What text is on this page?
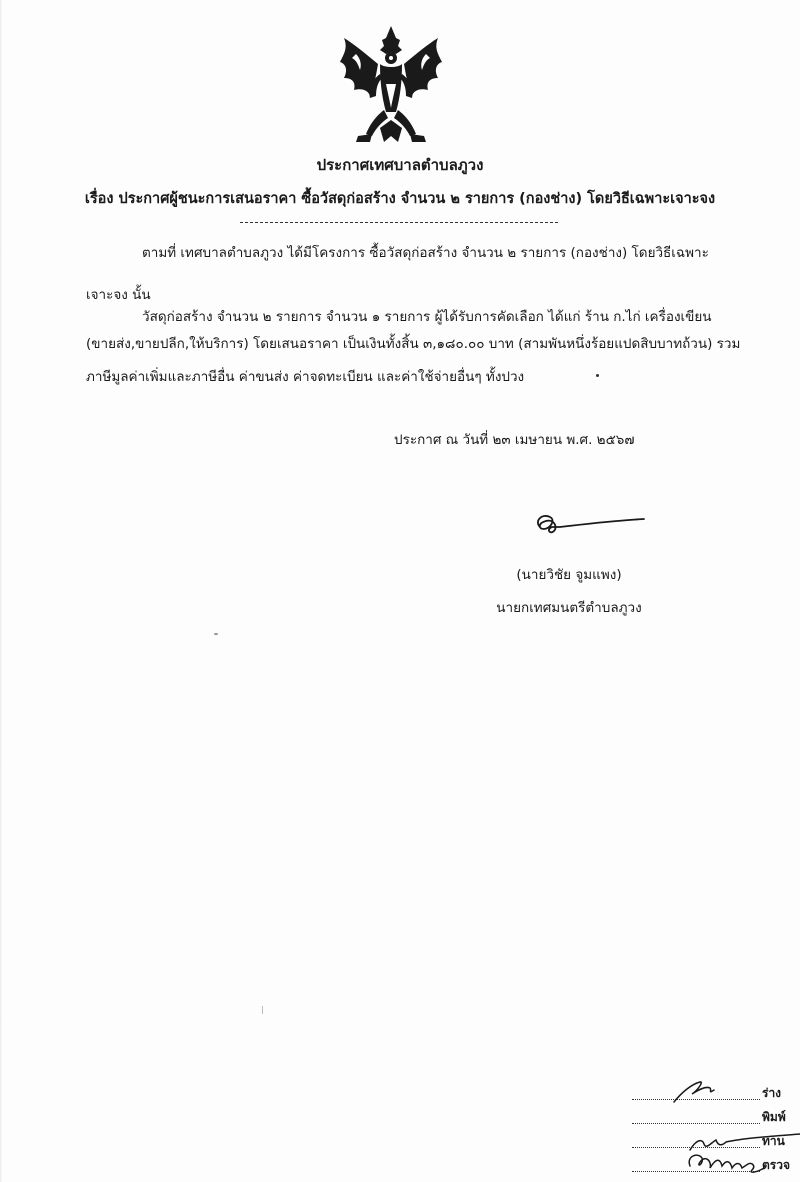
ประกาศเทศบาลตำบลภูวง
เรื่อง ประกาศผู้ชนะการเสนอราคา ซื้อวัสดุก่อสร้าง จำนวน ๒ รายการ (กองช่าง) โดยวิธีเฉพาะเจาะจง
ตามที่ เทศบาลตำบลภูวง ได้มีโครงการ ซื้อวัสดุก่อสร้าง จำนวน ๒ รายการ (กองช่าง) โดยวิธีเฉพาะ
เจาะจง นั้น
วัสดุก่อสร้าง จำนวน ๒ รายการ จำนวน ๑ รายการ ผู้ได้รับการคัดเลือก ได้แก่ ร้าน ก.ไก่ เครื่องเขียน
(ขายส่ง,ขายปลีก,ให้บริการ) โดยเสนอราคา เป็นเงินทั้งสิ้น ๓,๑๘๐.๐๐ บาท (สามพันหนึ่งร้อยแปดสิบบาทถ้วน) รวม
ภาษีมูลค่าเพิ่มและภาษีอื่น ค่าขนส่ง ค่าจดทะเบียน และค่าใช้จ่ายอื่นๆ ทั้งปวง
ประกาศ ณ วันที่ ๒๓ เมษายน พ.ศ. ๒๕๖๗
(นายวิชัย จูมแพง)
นายกเทศมนตรีตำบลภูวง
ร่าง
พิมพ์
ทาน
ตรวจ
